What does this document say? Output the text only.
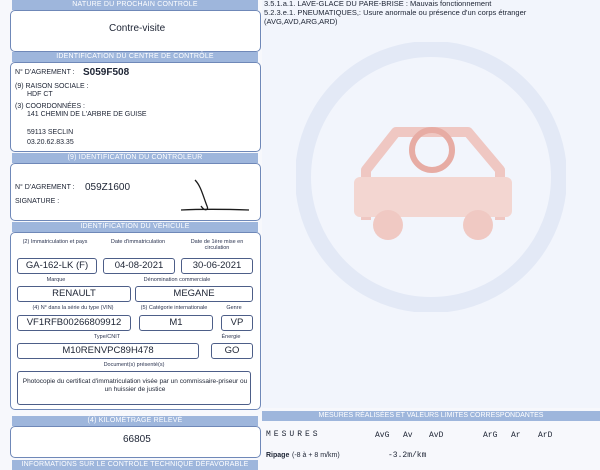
NATURE DU PROCHAIN CONTRÔLE
Contre-visite
IDENTIFICATION DU CENTRE DE CONTRÔLE
N° D'AGREMENT : S059F508
(9) RAISON SOCIALE :
HDF CT
(3) COORDONNÉES :
141 CHEMIN DE L'ARBRE DE GUISE
59113 SECLIN
03.20.62.83.35
(9) IDENTIFICATION DU CONTRÔLEUR
N° D'AGREMENT : 059Z1600
SIGNATURE :
IDENTIFICATION DU VÉHICULE
(2) Immatriculation et pays	Date d'immatriculation	Date de 1ère mise en circulation
GA-162-LK (F)	04-08-2021	30-06-2021
Marque	Dénomination commerciale
RENAULT	MEGANE
(4) N° dans la série du type (VIN)	(5) Catégorie internationale	Genre
VF1RFB00266809912	M1	VP
Type/CNIT	Énergie
M10RENVPC89H478	GO
Document(s) présenté(s)
Photocopie du certificat d'immatriculation visée par un commissaire-priseur ou un huissier de justice
(4) KILOMÉTRAGE RELEVÉ
66805
INFORMATIONS SUR LE CONTRÔLE TECHNIQUE DÉFAVORABLE
3.5.1.a.1. LAVE-GLACE DU PARE-BRISE : Mauvais fonctionnement
5.2.3.e.1. PNEUMATIQUES,: Usure anormale ou présence d'un corps étranger (AVG,AVD,ARG,ARD)
MESURES RÉALISÉES ET VALEURS LIMITES CORRESPONDANTES
MESURES	AvG Av AvD	ArG Ar ArD
Ripage (-8 à + 8 m/km)	-3.2m/km
